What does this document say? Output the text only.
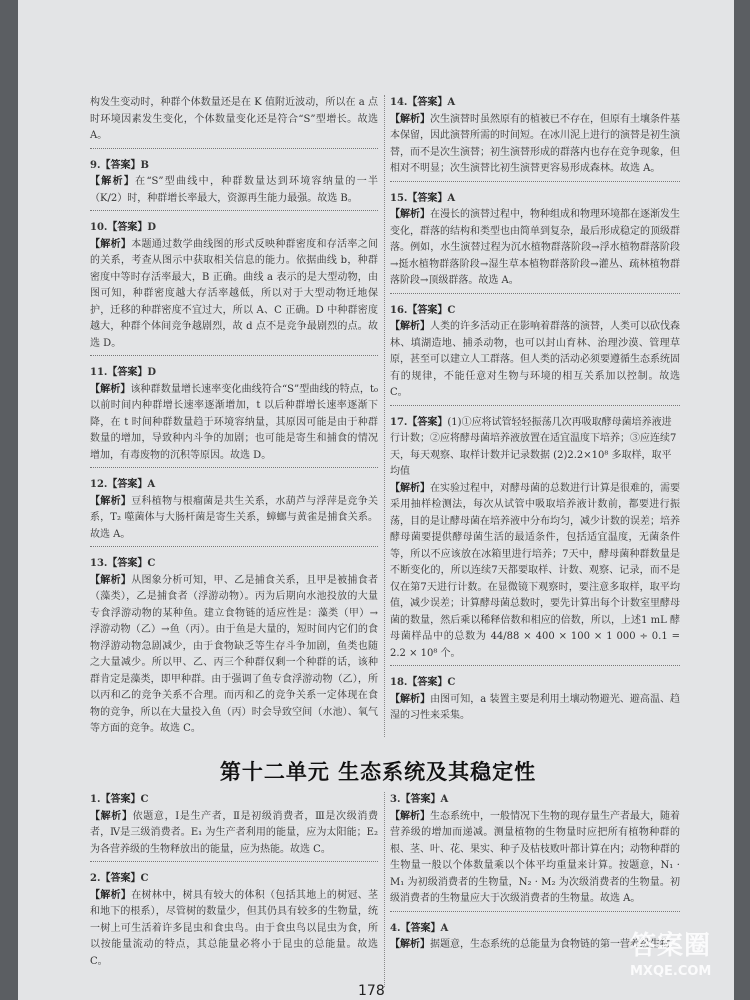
构发生变动时，种群个体数量还是在 K 值附近波动，所以在 a 点时环境因素发生变化，个体数量变化还是符合“S”型增长。故选 A。

9.【答案】B

【解析】在“S”型曲线中，种群数量达到环境容纳量的一半（K/2）时，种群增长率最大，资源再生能力最强。故选 B。

10.【答案】D

【解析】本题通过数学曲线图的形式反映种群密度和存活率之间的关系，考查从图示中获取相关信息的能力。依据曲线 b，种群密度中等时存活率最大，B 正确。曲线 a 表示的是大型动物，由图可知，种群密度越大存活率越低，所以对于大型动物迁地保护，迁移的种群密度不宜过大，所以 A、C 正确。D 中种群密度越大，种群个体间竞争越剧烈，故 d 点不是竞争最剧烈的点。故选 D。

11.【答案】D

【解析】该种群数量增长速率变化曲线符合“S”型曲线的特点，t₀ 以前时间内种群增长速率逐渐增加，t 以后种群增长速率逐渐下降，在 t 时间种群数量趋于环境容纳量，其原因可能是由于种群数量的增加，导致种内斗争的加剧；也可能是寄生和捕食的情况增加，有毒废物的沉积等原因。故选 D。

12.【答案】A

【解析】豆科植物与根瘤菌是共生关系，水葫芦与浮萍是竞争关系，T₂ 噬菌体与大肠杆菌是寄生关系，蟑螂与黄雀是捕食关系。故选 A。

13.【答案】C

【解析】从图象分析可知，甲、乙是捕食关系，且甲是被捕食者（藻类），乙是捕食者（浮游动物）。丙为后期向水池投放的大量专食浮游动物的某种鱼。建立食物链的适应性是：藻类（甲）→浮游动物（乙）→鱼（丙）。由于鱼是大量的，短时间内它们的食物浮游动物急剧减少，由于食物缺乏等生存斗争加剧，鱼类也随之大量减少。所以甲、乙、丙三个种群仅剩一个种群的话，该种群肯定是藻类，即甲种群。由于强调了鱼专食浮游动物（乙），所以丙和乙的竞争关系不合理。而丙和乙的竞争关系一定体现在食物的竞争，所以在大量投入鱼（丙）时会导致空间（水池）、氧气等方面的竞争。故选 C。

14.【答案】A

【解析】次生演替时虽然原有的植被已不存在，但原有土壤条件基本保留，因此演替所需的时间短。在冰川泥上进行的演替是初生演替，而不是次生演替；初生演替形成的群落内也存在竞争现象，但相对不明显；次生演替比初生演替更容易形成森林。故选 A。

15.【答案】A

【解析】在漫长的演替过程中，物种组成和物理环境都在逐渐发生变化，群落的结构和类型也由简单到复杂，最后形成稳定的顶级群落。例如，水生演替过程为沉水植物群落阶段→浮水植物群落阶段→挺水植物群落阶段→湿生草本植物群落阶段→灌丛、疏林植物群落阶段→顶级群落。故选 A。

16.【答案】C

【解析】人类的许多活动正在影响着群落的演替，人类可以砍伐森林、填湖造地、捕杀动物，也可以封山育林、治理沙漠、管理草原，甚至可以建立人工群落。但人类的活动必须要遵循生态系统固有的规律，不能任意对生物与环境的相互关系加以控制。故选 C。

17.【答案】(1)①应将试管轻轻振荡几次再吸取酵母菌培养液进行计数；②应将酵母菌培养液放置在适宜温度下培养；③应连续7天，每天观察、取样计数并记录数据 (2)2.2×10⁸ 多取样，取平均值

【解析】在实验过程中，对酵母菌的总数进行计算是很难的，需要采用抽样检测法，每次从试管中吸取培养液计数前，都要进行振荡，目的是让酵母菌在培养液中分布均匀，减少计数的误差；培养酵母菌要提供酵母菌生活的最适条件，包括适宜温度，无菌条件等，所以不应该放在冰箱里进行培养；7天中，酵母菌种群数量是不断变化的，所以连续7天都要取样、计数、观察、记录，而不是仅在第7天进行计数。在显微镜下观察时，要注意多取样，取平均值，减少误差；计算酵母菌总数时，要先计算出每个计数室里酵母菌的数量，然后乘以稀释倍数和相应的倍数，所以，上述1 mL 酵母菌样品中的总数为 44/88 × 400 × 100 × 1 000 ÷ 0.1 = 2.2 × 10⁸ 个。

18.【答案】C

【解析】由图可知，a 装置主要是利用土壤动物避光、避高温、趋湿的习性来采集。

第十二单元 生态系统及其稳定性
1.【答案】C

【解析】依题意，Ⅰ是生产者，Ⅱ是初级消费者，Ⅲ是次级消费者，Ⅳ是三级消费者。E₁ 为生产者利用的能量，应为太阳能；E₂ 为各营养级的生物释放出的能量，应为热能。故选 C。

2.【答案】C

【解析】在树林中，树具有较大的体积（包括其地上的树冠、茎和地下的根系），尽管树的数量少，但其仍具有较多的生物量，统一树上可生活着许多昆虫和食虫鸟。由于食虫鸟以昆虫为食，所以按能量流动的特点，其总能量必将小于昆虫的总能量。故选 C。

3.【答案】A

【解析】生态系统中，一般情况下生物的现存量生产者最大，随着营养级的增加而递减。测量植物的生物量时应把所有植物种群的根、茎、叶、花、果实、种子及枯枝败叶都计算在内；动物种群的生物量一般以个体数量乘以个体平均重量来计算。按题意，N₁ · M₁ 为初级消费者的生物量，N₂ · M₂ 为次级消费者的生物量。初级消费者的生物量应大于次级消费者的生物量。故选 A。

4.【答案】A

【解析】据题意，生态系统的总能量为食物链的第一营养级生物

178
答案圈
MXQE.COM
